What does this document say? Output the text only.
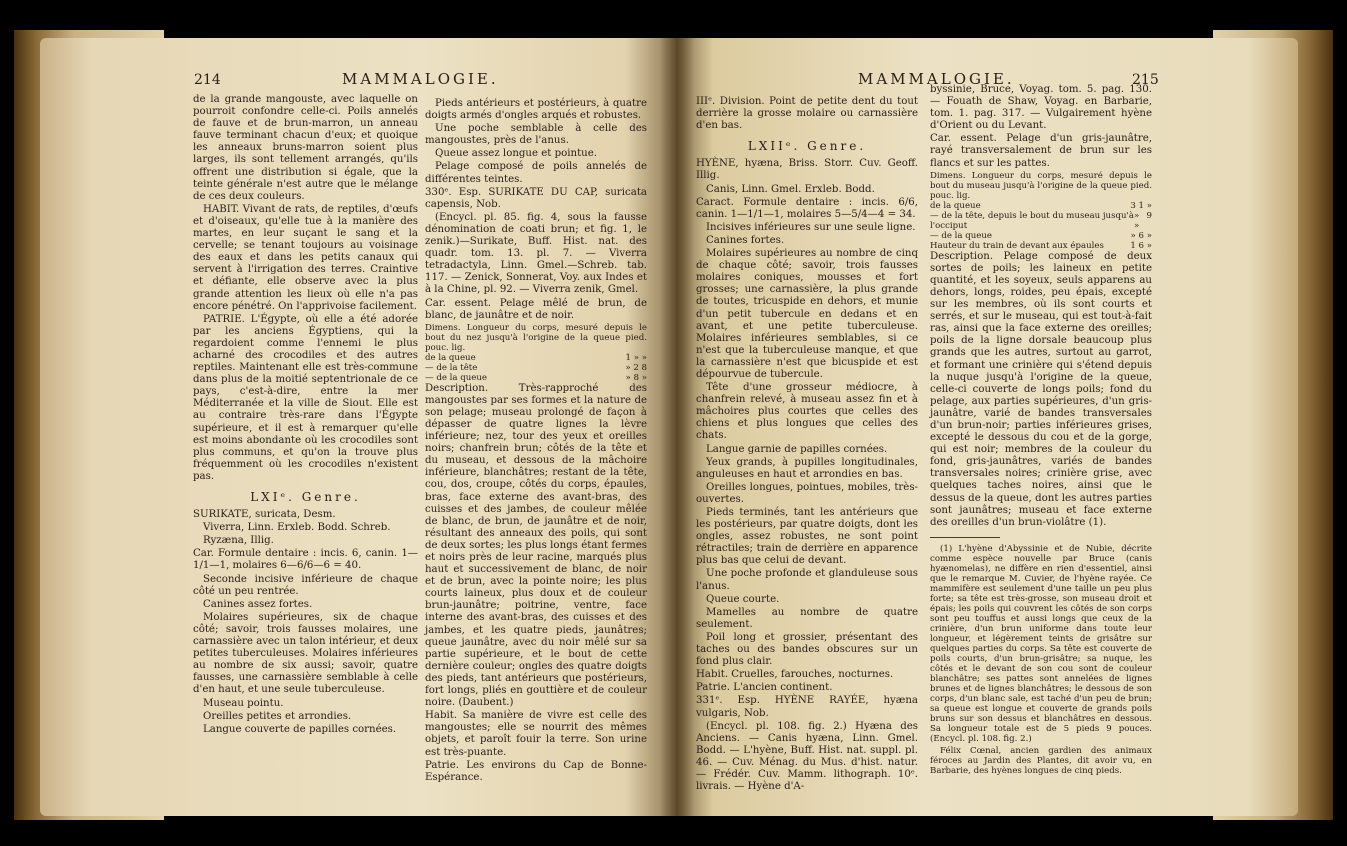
214	MAMMALOGIE.

de la grande mangouste, avec laquelle on pourroit confondre celle-ci. Poils annelés de fauve et de brun-marron, un anneau fauve terminant chacun d'eux; et quoique les anneaux bruns-marron soient plus larges, ils sont tellement arrangés, qu'ils offrent une distribution si égale, que la teinte générale n'est autre que le mélange de ces deux couleurs.

HABIT. Vivant de rats, de reptiles, d'œufs et d'oiseaux, qu'elle tue à la manière des martes, en leur suçant le sang et la cervelle; se tenant toujours au voisinage des eaux et dans les petits canaux qui servent à l'irrigation des terres. Craintive et défiante, elle observe avec la plus grande attention les lieux où elle n'a pas encore pénétré. On l'apprivoise facilement.

PATRIE. L'Égypte, où elle a été adorée par les anciens Égyptiens, qui la regardoient comme l'ennemi le plus acharné des crocodiles et des autres reptiles. Maintenant elle est très-commune dans plus de la moitié septentrionale de ce pays, c'est-à-dire, entre la mer Méditerranée et la ville de Siout. Elle est au contraire très-rare dans l'Égypte supérieure, et il est à remarquer qu'elle est moins abondante où les crocodiles sont plus communs, et qu'on la trouve plus fréquemment où les crocodiles n'existent pas.

LXIᵉ. Genre.

SURIKATE, suricata, Desm.

Viverra, Linn. Erxleb. Bodd. Schreb.

Ryzæna, Illig.

Car. Formule dentaire : incis. 6, canin. 1—1/1—1, molaires 6—6/6—6 = 40.

Seconde incisive inférieure de chaque côté un peu rentrée.

Canines assez fortes.

Molaires supérieures, six de chaque côté; savoir, trois fausses molaires, une carnassière avec un talon intérieur, et deux petites tuberculeuses. Molaires inférieures au nombre de six aussi; savoir, quatre fausses, une carnassière semblable à celle d'en haut, et une seule tuberculeuse.

Museau pointu.

Oreilles petites et arrondies.

Langue couverte de papilles cornées.

Pieds antérieurs et postérieurs, à quatre doigts armés d'ongles arqués et robustes.

Une poche semblable à celle des mangoustes, près de l'anus.

Queue assez longue et pointue.

Pelage composé de poils annelés de différentes teintes.

330ᵉ. Esp. SURIKATE DU CAP, suricata capensis, Nob.

(Encycl. pl. 85. fig. 4, sous la fausse dénomination de coati brun; et fig. 1, le zenik.)—Surikate, Buff. Hist. nat. des quadr. tom. 13. pl. 7. — Viverra tetradactyla, Linn. Gmel.—Schreb. tab. 117. — Zenick, Sonnerat, Voy. aux Indes et à la Chine, pl. 92. — Viverra zenik, Gmel.

Car. essent. Pelage mêlé de brun, de blanc, de jaunâtre et de noir.

Dimens. Longueur du corps, mesuré depuis le bout du nez jusqu'à l'origine de la queue pied. pouc. lig.
de la queue	1 » »
— de la tête	» 2 8
— de la queue	» 8 »

Description. Très-rapproché des mangoustes par ses formes et la nature de son pelage; museau prolongé de façon à dépasser de quatre lignes la lèvre inférieure; nez, tour des yeux et oreilles noirs; chanfrein brun; côtés de la tête et du museau, et dessous de la mâchoire inférieure, blanchâtres; restant de la tête, cou, dos, croupe, côtés du corps, épaules, bras, face externe des avant-bras, des cuisses et des jambes, de couleur mêlée de blanc, de brun, de jaunâtre et de noir, résultant des anneaux des poils, qui sont de deux sortes; les plus longs étant fermes et noirs près de leur racine, marqués plus haut et successivement de blanc, de noir et de brun, avec la pointe noire; les plus courts laineux, plus doux et de couleur brun-jaunâtre; poitrine, ventre, face interne des avant-bras, des cuisses et des jambes, et les quatre pieds, jaunâtres; queue jaunâtre, avec du noir mêlé sur sa partie supérieure, et le bout de cette dernière couleur; ongles des quatre doigts des pieds, tant antérieurs que postérieurs, fort longs, pliés en gouttière et de couleur noire. (Daubent.)

Habit. Sa manière de vivre est celle des mangoustes; elle se nourrit des mêmes objets, et paroît fouir la terre. Son urine est très-puante.

Patrie. Les environs du Cap de Bonne-Espérance.

MAMMALOGIE.	215

IIIᵉ. Division. Point de petite dent du tout derrière la grosse molaire ou carnassière d'en bas.

LXIIᵉ. Genre.

HYÈNE, hyæna, Briss. Storr. Cuv. Geoff. Illig.

Canis, Linn. Gmel. Erxleb. Bodd.

Caract. Formule dentaire : incis. 6/6, canin. 1—1/1—1, molaires 5—5/4—4 = 34.

Incisives inférieures sur une seule ligne.

Canines fortes.

Molaires supérieures au nombre de cinq de chaque côté; savoir, trois fausses molaires coniques, mousses et fort grosses; une carnassière, la plus grande de toutes, tricuspide en dehors, et munie d'un petit tubercule en dedans et en avant, et une petite tuberculeuse. Molaires inférieures semblables, si ce n'est que la tuberculeuse manque, et que la carnassière n'est que bicuspide et est dépourvue de tubercule.

Tête d'une grosseur médiocre, à chanfrein relevé, à museau assez fin et à mâchoires plus courtes que celles des chiens et plus longues que celles des chats.

Langue garnie de papilles cornées.

Yeux grands, à pupilles longitudinales, anguleuses en haut et arrondies en bas.

Oreilles longues, pointues, mobiles, très-ouvertes.

Pieds terminés, tant les antérieurs que les postérieurs, par quatre doigts, dont les ongles, assez robustes, ne sont point rétractiles; train de derrière en apparence plus bas que celui de devant.

Une poche profonde et glanduleuse sous l'anus.

Queue courte.

Mamelles au nombre de quatre seulement.

Poil long et grossier, présentant des taches ou des bandes obscures sur un fond plus clair.

Habit. Cruelles, farouches, nocturnes.

Patrie. L'ancien continent.

331ᵉ. Esp. HYÈNE RAYÉE, hyæna vulgaris, Nob.

(Encycl. pl. 108. fig. 2.) Hyæna des Anciens. — Canis hyæna, Linn. Gmel. Bodd. — L'hyène, Buff. Hist. nat. suppl. pl. 46. — Cuv. Ménag. du Mus. d'hist. natur. — Frédér. Cuv. Mamm. lithograph. 10ᵉ. livrais. — Hyène d'A-

byssinie, Bruce, Voyag. tom. 5. pag. 130. — Fouath de Shaw, Voyag. en Barbarie, tom. 1. pag. 317. — Vulgairement hyène d'Orient ou du Levant.

Car. essent. Pelage d'un gris-jaunâtre, rayé transversalement de brun sur les flancs et sur les pattes.

Dimens. Longueur du corps, mesuré depuis le bout du museau jusqu'à l'origine de la queue pied. pouc. lig.
de la queue	3 1 »
— de la tête, depuis le bout du museau jusqu'à l'occiput
» 9 »
— de la queue	» 6 »
Hauteur du train de devant aux épaules	1 6 »

Description. Pelage composé de deux sortes de poils; les laineux en petite quantité, et les soyeux, seuls apparens au dehors, longs, roides, peu épais, excepté sur les membres, où ils sont courts et serrés, et sur le museau, qui est tout-à-fait ras, ainsi que la face externe des oreilles; poils de la ligne dorsale beaucoup plus grands que les autres, surtout au garrot, et formant une crinière qui s'étend depuis la nuque jusqu'à l'origine de la queue, celle-ci couverte de longs poils; fond du pelage, aux parties supérieures, d'un gris-jaunâtre, varié de bandes transversales d'un brun-noir; parties inférieures grises, excepté le dessous du cou et de la gorge, qui est noir; membres de la couleur du fond, gris-jaunâtres, variés de bandes transversales noires; crinière grise, avec quelques taches noires, ainsi que le dessus de la queue, dont les autres parties sont jaunâtres; museau et face externe des oreilles d'un brun-violâtre (1).

(1) L'hyène d'Abyssinie et de Nubie, décrite comme espèce nouvelle par Bruce (canis hyænomelas), ne diffère en rien d'essentiel, ainsi que le remarque M. Cuvier, de l'hyène rayée. Ce mammifère est seulement d'une taille un peu plus forte; sa tête est très-grosse, son museau droit et épais; les poils qui couvrent les côtés de son corps sont peu touffus et aussi longs que ceux de la crinière, d'un brun uniforme dans toute leur longueur, et légèrement teints de grisâtre sur quelques parties du corps. Sa tête est couverte de poils courts, d'un brun-grisâtre; sa nuque, les côtés et le devant de son cou sont de couleur blanchâtre; ses pattes sont annelées de lignes brunes et de lignes blanchâtres; le dessous de son corps, d'un blanc sale, est taché d'un peu de brun; sa queue est longue et couverte de grands poils bruns sur son dessus et blanchâtres en dessous. Sa longueur totale est de 5 pieds 9 pouces. (Encycl. pl. 108. fig. 2.)

Félix Cœnal, ancien gardien des animaux féroces au Jardin des Plantes, dit avoir vu, en Barbarie, des hyènes longues de cinq pieds.
